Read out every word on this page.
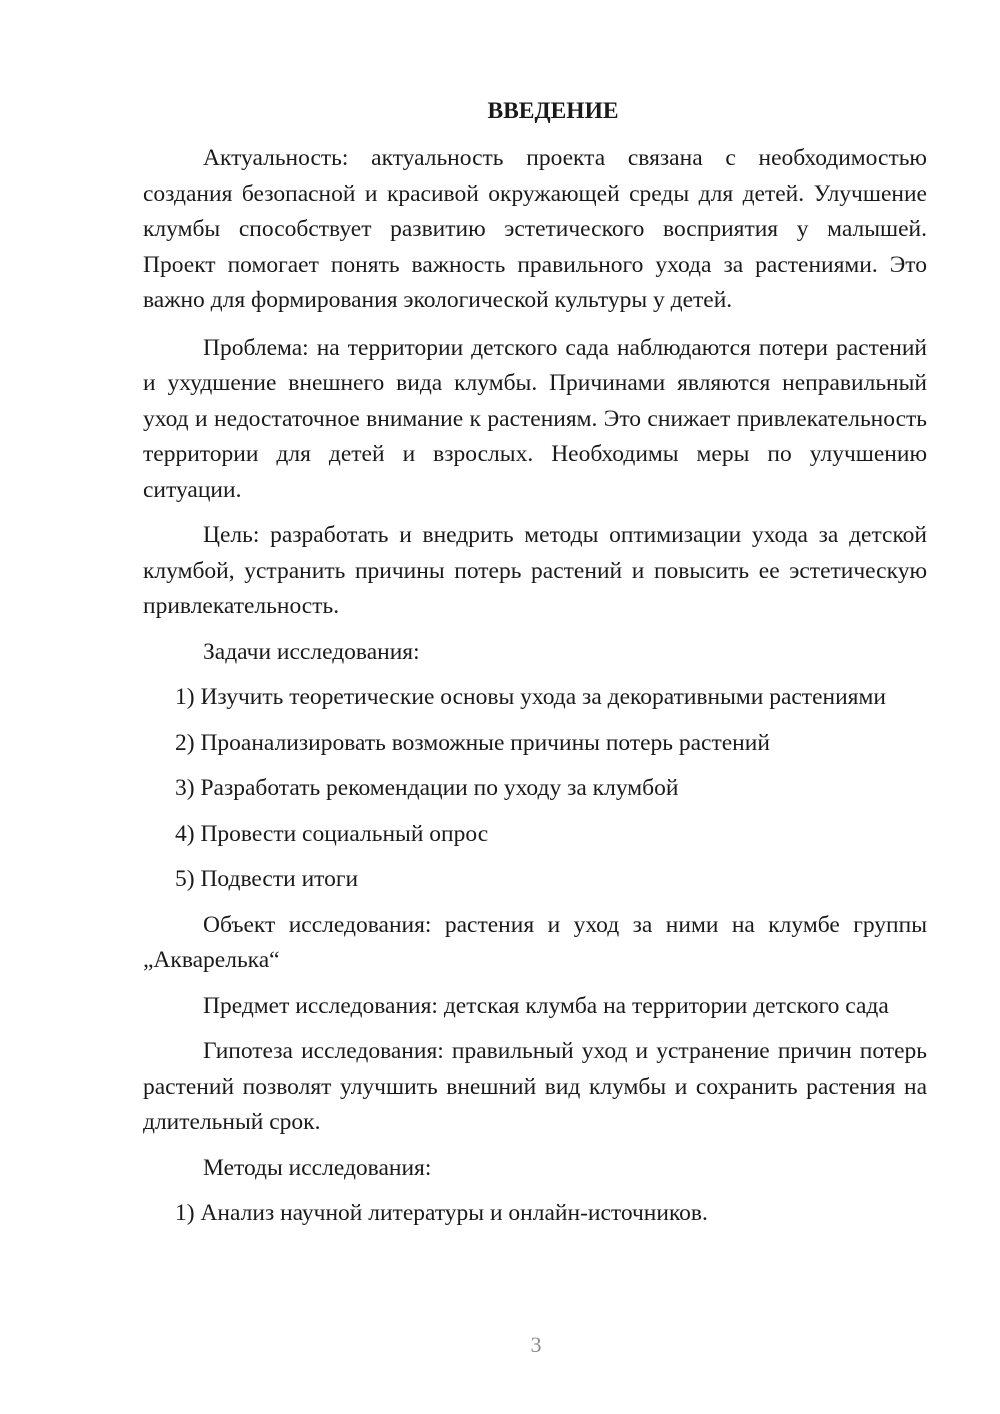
ВВЕДЕНИЕ

Актуальность: актуальность проекта связана с необходимостью создания безопасной и красивой окружающей среды для детей. Улучшение клумбы способствует развитию эстетического восприятия у малышей. Проект помогает понять важность правильного ухода за растениями. Это важно для формирования экологической культуры у детей.

Проблема: на территории детского сада наблюдаются потери растений и ухудшение внешнего вида клумбы. Причинами являются неправильный уход и недостаточное внимание к растениям. Это снижает привлекательность территории для детей и взрослых. Необходимы меры по улучшению ситуации.

Цель: разработать и внедрить методы оптимизации ухода за детской клумбой, устранить причины потерь растений и повысить ее эстетическую привлекательность.

Задачи исследования:

1) Изучить теоретические основы ухода за декоративными растениями

2) Проанализировать возможные причины потерь растений

3) Разработать рекомендации по уходу за клумбой

4) Провести социальный опрос

5) Подвести итоги

Объект исследования: растения и уход за ними на клумбе группы „Акварелька“

Предмет исследования: детская клумба на территории детского сада

Гипотеза исследования: правильный уход и устранение причин потерь растений позволят улучшить внешний вид клумбы и сохранить растения на длительный срок.

Методы исследования:

1) Анализ научной литературы и онлайн-источников.

3
